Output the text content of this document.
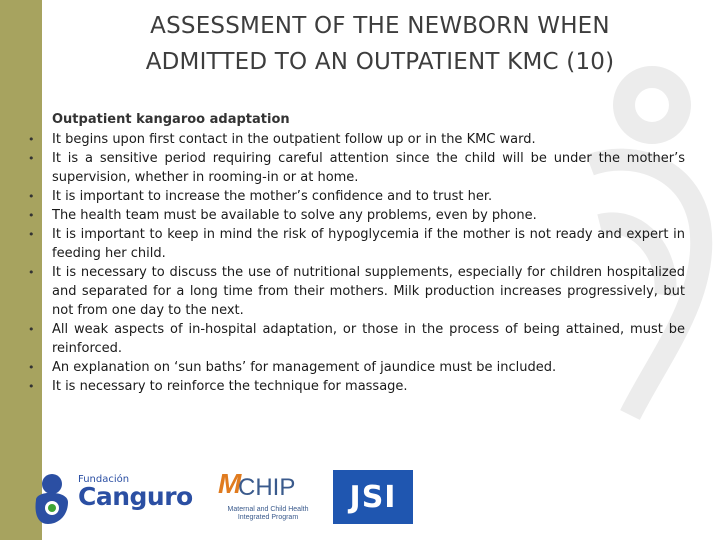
ASSESSMENT OF THE NEWBORN WHEN
ADMITTED TO AN OUTPATIENT KMC (10)
Outpatient kangaroo adaptation
• It begins upon first contact in the outpatient follow up or in the KMC ward.
• It is a sensitive period requiring careful attention since the child will be under the mother’s supervision, whether in rooming-in or at home.
• It is important to increase the mother’s confidence and to trust her.
• The health team must be available to solve any problems, even by phone.
• It is important to keep in mind the risk of hypoglycemia if the mother is not ready and expert in feeding her child.
• It is necessary to discuss the use of nutritional supplements, especially for children hospitalized and separated for a long time from their mothers. Milk production increases progressively, but not from one day to the next.
• All weak aspects of in-hospital adaptation, or those in the process of being attained, must be reinforced.
• An explanation on ‘sun baths’ for management of jaundice must be included.
• It is necessary to reinforce the technique for massage.
Fundación
Canguro M
CHIP
Maternal and Child Health Integrated Program
JSI
